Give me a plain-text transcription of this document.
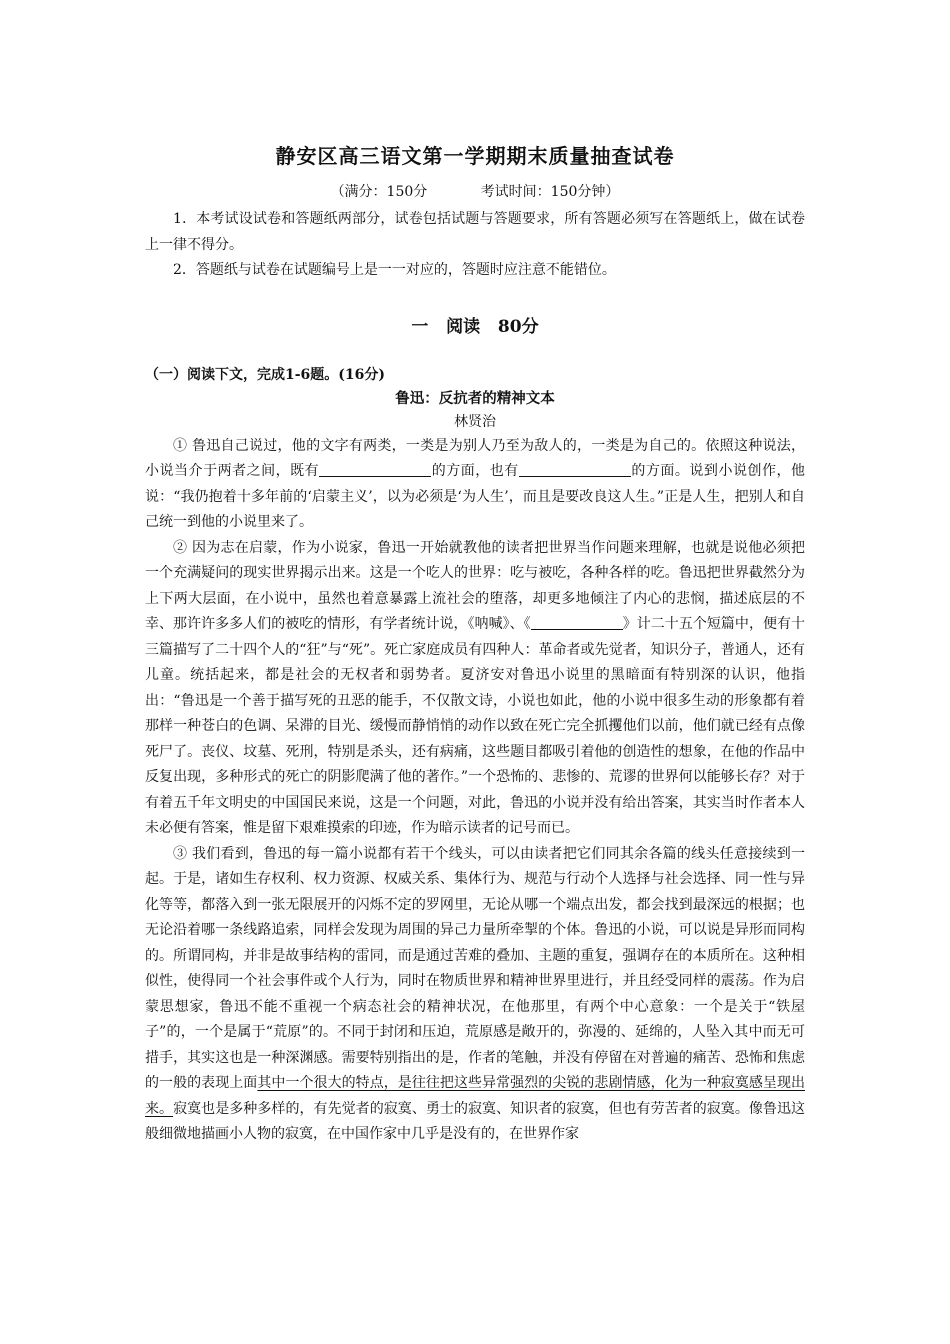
静安区高三语文第一学期期末质量抽查试卷
（满分：150分            考试时间：150分钟）

1．本考试设试卷和答题纸两部分，试卷包括试题与答题要求，所有答题必须写在答题纸上，做在试卷上一律不得分。

2．答题纸与试卷在试题编号上是一一对应的，答题时应注意不能错位。

一   阅读   80分
（一）阅读下文，完成1-6题。(16分)
鲁迅：反抗者的精神文本
林贤治

① 鲁迅自己说过，他的文字有两类，一类是为别人乃至为敌人的，一类是为自己的。依照这种说法，小说当介于两者之间，既有	的方面，也有	的方面。说到小说创作，他说：“我仍抱着十多年前的‘启蒙主义’，以为必须是‘为人生’，而且是要改良这人生。”正是人生，把别人和自己统一到他的小说里来了。

② 因为志在启蒙，作为小说家，鲁迅一开始就教他的读者把世界当作问题来理解，也就是说他必须把一个充满疑问的现实世界揭示出来。这是一个吃人的世界：吃与被吃，各种各样的吃。鲁迅把世界截然分为上下两大层面，在小说中，虽然也着意暴露上流社会的堕落，却更多地倾注了内心的悲悯，描述底层的不幸、那许许多多人们的被吃的情形，有学者统计说，《呐喊》、《	》计二十五个短篇中，便有十三篇描写了二十四个人的“狂”与“死”。死亡家庭成员有四种人：革命者或先觉者，知识分子，普通人，还有儿童。统括起来，都是社会的无权者和弱势者。夏济安对鲁迅小说里的黑暗面有特别深的认识，他指出：“鲁迅是一个善于描写死的丑恶的能手，不仅散文诗，小说也如此，他的小说中很多生动的形象都有着那样一种苍白的色调、呆滞的目光、缓慢而静悄悄的动作以致在死亡完全抓攫他们以前，他们就已经有点像死尸了。丧仪、坟墓、死刑，特别是杀头，还有病痛，这些题目都吸引着他的创造性的想象，在他的作品中反复出现，多种形式的死亡的阴影爬满了他的著作。”一个恐怖的、悲惨的、荒谬的世界何以能够长存？对于有着五千年文明史的中国国民来说，这是一个问题，对此，鲁迅的小说并没有给出答案，其实当时作者本人未必便有答案，惟是留下艰难摸索的印迹，作为暗示读者的记号而已。

③ 我们看到，鲁迅的每一篇小说都有若干个线头，可以由读者把它们同其余各篇的线头任意接续到一起。于是，诸如生存权利、权力资源、权威关系、集体行为、规范与行动个人选择与社会选择、同一性与异化等等，都落入到一张无限展开的闪烁不定的罗网里，无论从哪一个端点出发，都会找到最深远的根据；也无论沿着哪一条线路追索，同样会发现为周围的异己力量所牵掣的个体。鲁迅的小说，可以说是异形而同构的。所谓同构，并非是故事结构的雷同，而是通过苦难的叠加、主题的重复，强调存在的本质所在。这种相似性，使得同一个社会事件或个人行为，同时在物质世界和精神世界里进行，并且经受同样的震荡。作为启蒙思想家，鲁迅不能不重视一个病态社会的精神状况，在他那里，有两个中心意象：一个是关于“铁屋子”的，一个是属于“荒原”的。不同于封闭和压迫，荒原感是敞开的，弥漫的、延绵的，人坠入其中而无可措手，其实这也是一种深渊感。需要特别指出的是，作者的笔触，并没有停留在对普遍的痛苦、恐怖和焦虑的一般的表现上面其中一个很大的特点，是往往把这些异常强烈的尖锐的悲剧情感，化为一种寂寞感呈现出来。寂寞也是多种多样的，有先觉者的寂寞、勇士的寂寞、知识者的寂寞，但也有劳苦者的寂寞。像鲁迅这般细微地描画小人物的寂寞，在中国作家中几乎是没有的，在世界作家
